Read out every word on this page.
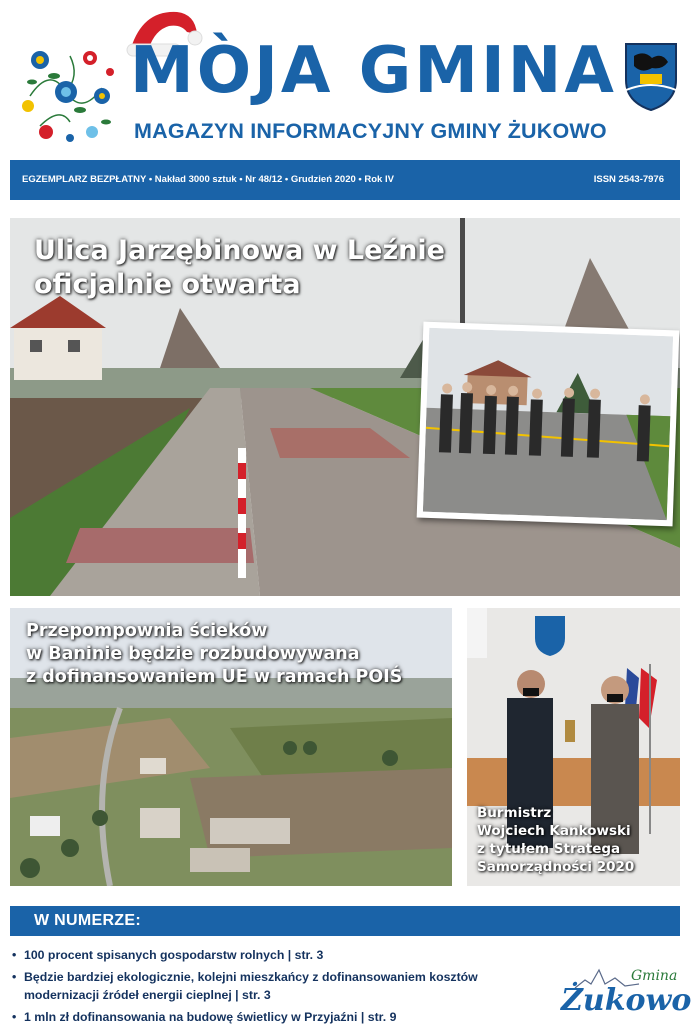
MÒJA GMINA
MAGAZYN INFORMACYJNY GMINY ŻUKOWO
EGZEMPLARZ BEZPŁATNY • Nakład 3000 sztuk • Nr 48/12 • Grudzień 2020 • Rok IV	ISSN 2543-7976
Ulica Jarzębinowa w Leźnie
oficjalnie otwarta
Przepompownia ścieków
w Baninie będzie rozbudowywana
z dofinansowaniem UE w ramach POIŚ
Burmistrz
Wojciech Kankowski
z tytułem Stratega
Samorządności 2020
W NUMERZE:
• 100 procent spisanych gospodarstw rolnych | str. 3
• Będzie bardziej ekologicznie, kolejni mieszkańcy z dofinansowaniem kosztów modernizacji źródeł energii cieplnej | str. 3
• 1 mln zł dofinansowania na budowę świetlicy w Przyjaźni | str. 9
Gmina
Żukowo
